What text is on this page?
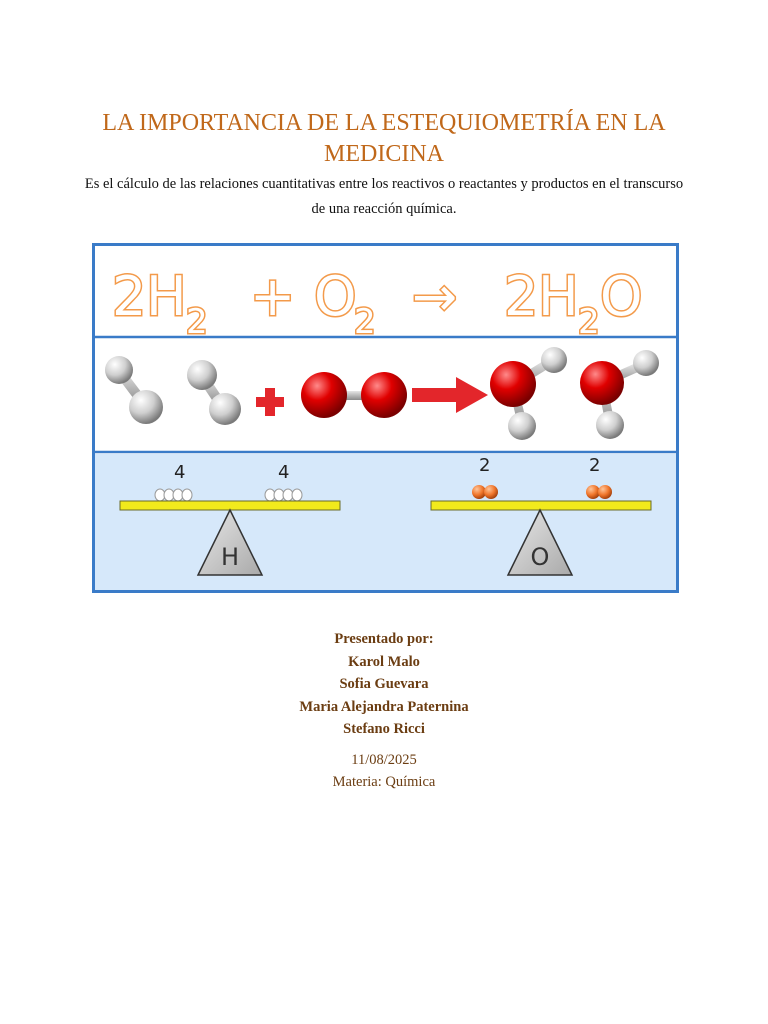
LA IMPORTANCIA DE LA ESTEQUIOMETRÍA EN LA MEDICINA

Es el cálculo de las relaciones cuantitativas entre los reactivos o reactantes y productos en el transcurso de una reacción química.

2 H 2 + O
2 → 2 H 2 O
4	4
H
2	2
O
Presentado por:
Karol Malo
Sofia Guevara
Maria Alejandra Paternina
Stefano Ricci
11/08/2025
Materia: Química
